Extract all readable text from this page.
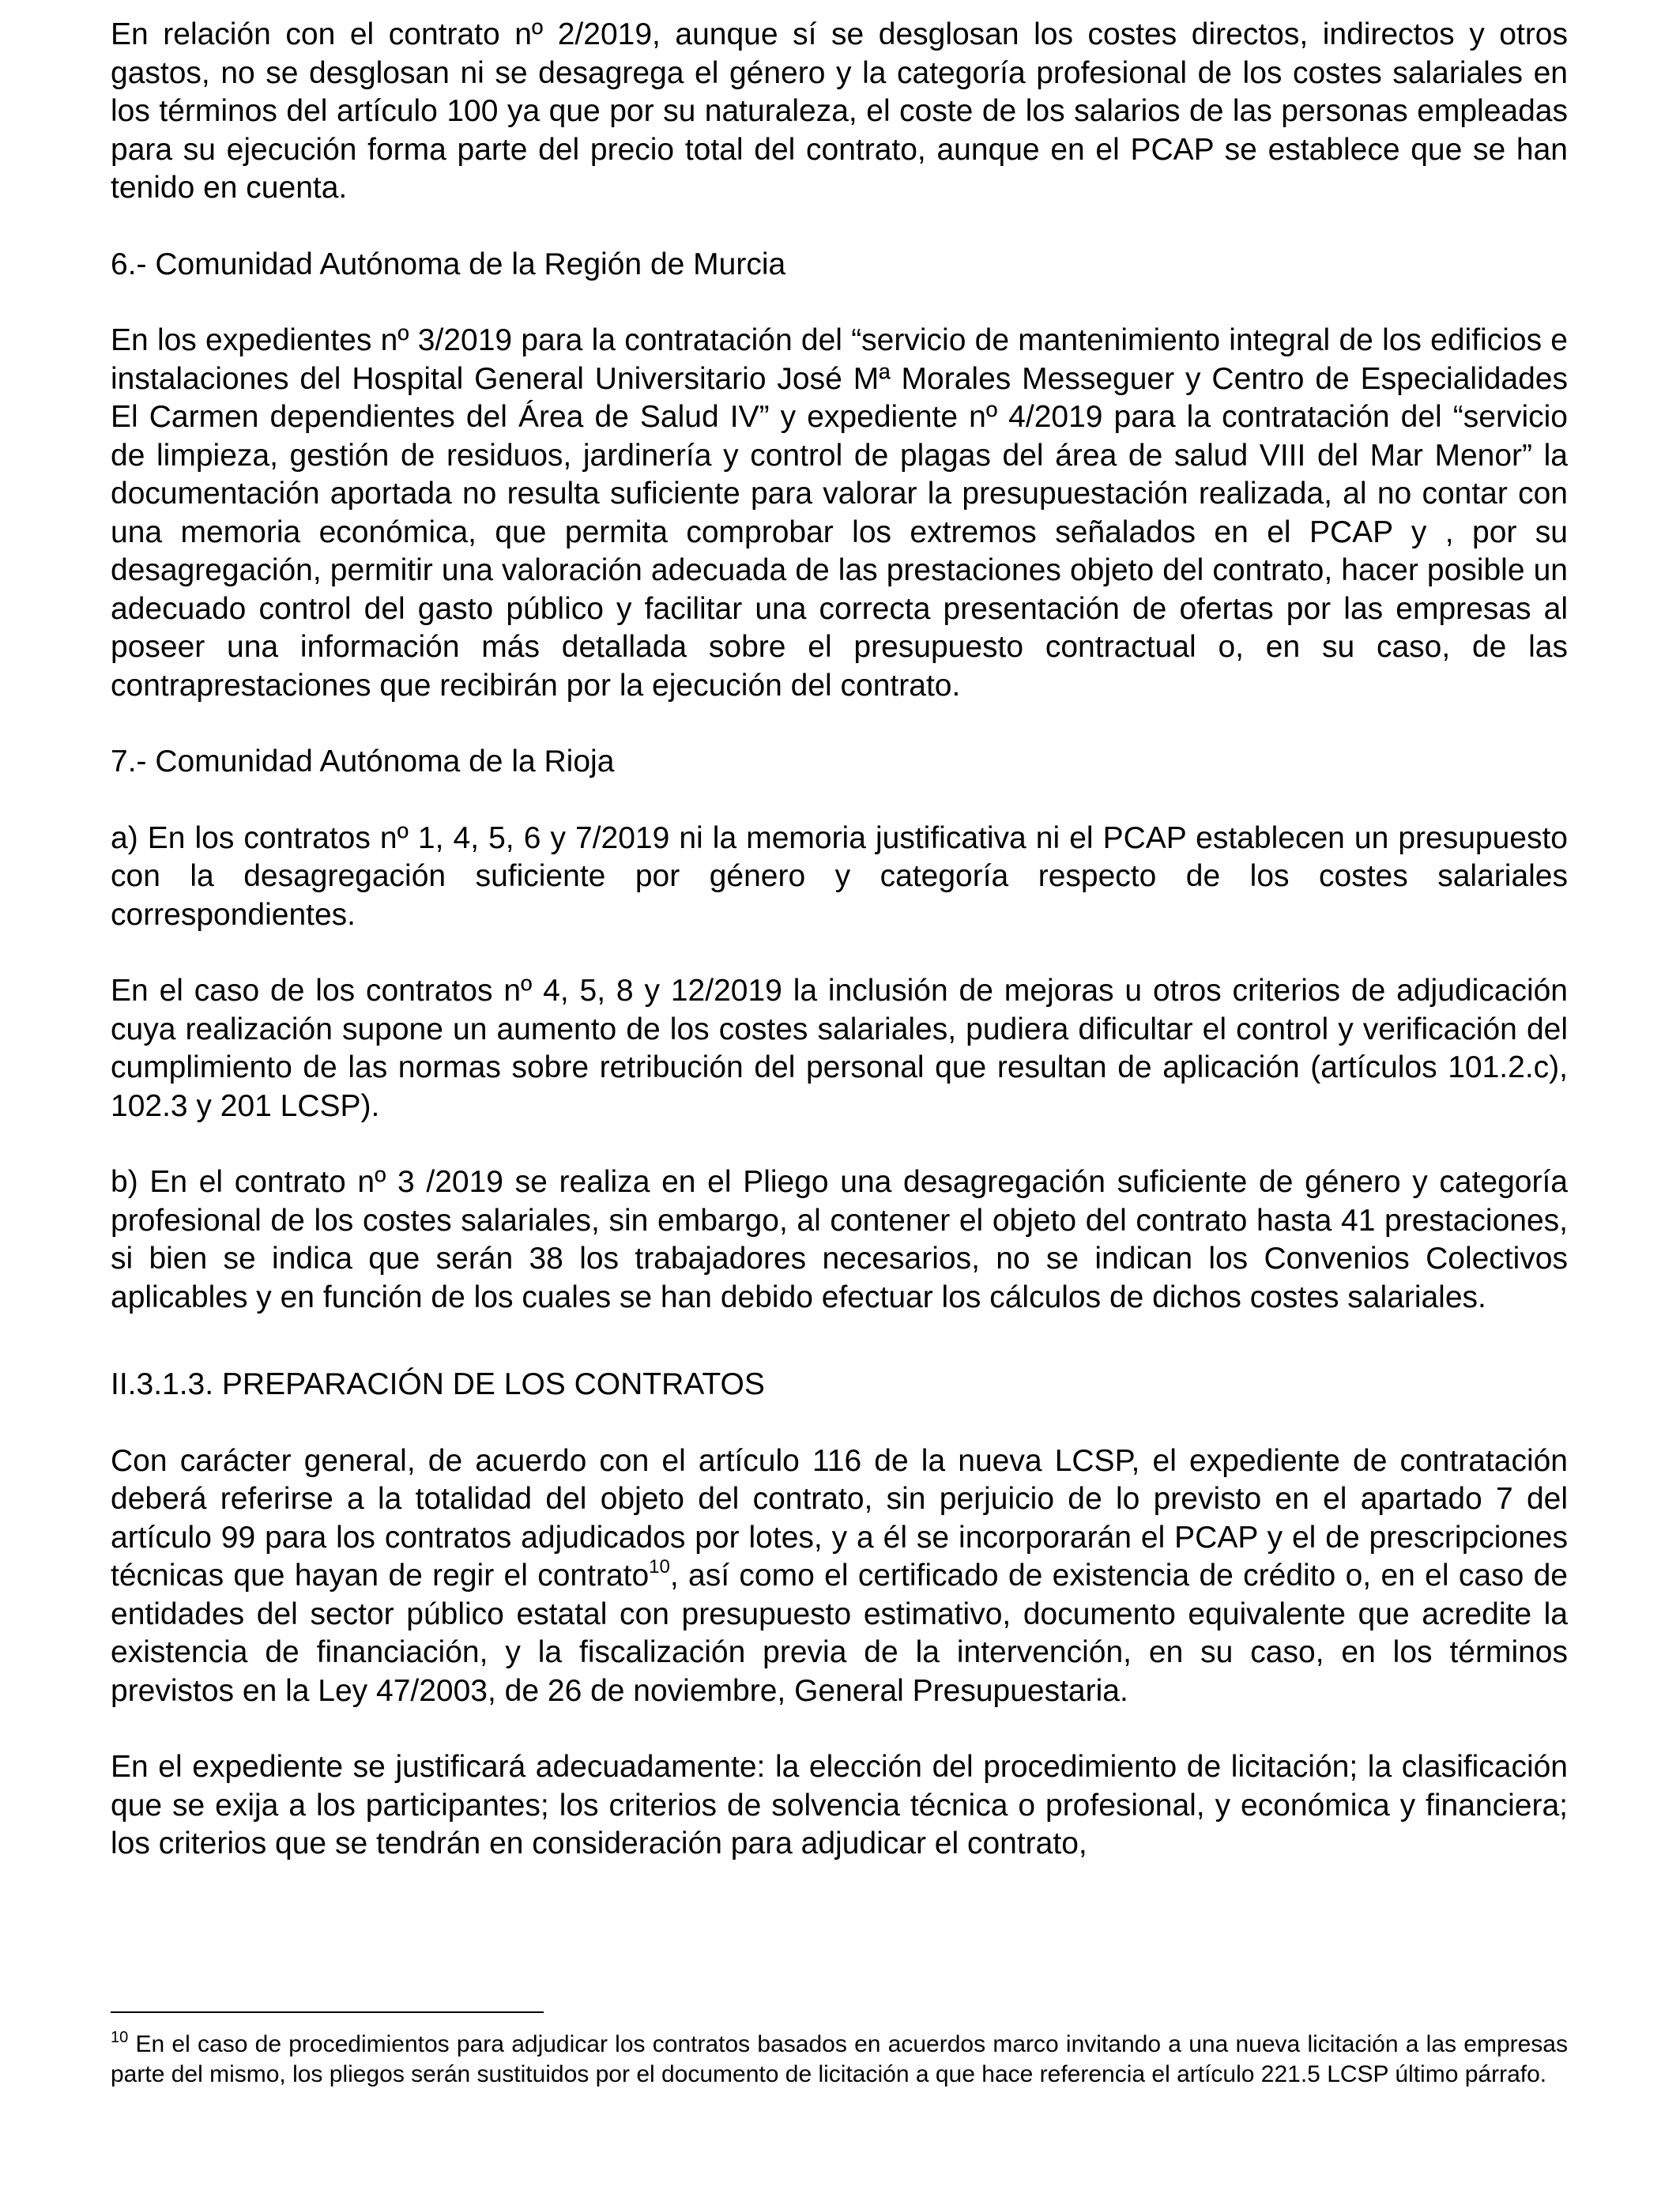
En relación con el contrato nº 2/2019, aunque sí se desglosan los costes directos, indirectos y otros gastos, no se desglosan ni se desagrega el género y la categoría profesional de los costes salariales en los términos del artículo 100 ya que por su naturaleza, el coste de los salarios de las personas empleadas para su ejecución forma parte del precio total del contrato, aunque en el PCAP se establece que se han tenido en cuenta.

6.- Comunidad Autónoma de la Región de Murcia

En los expedientes nº 3/2019 para la contratación del “servicio de mantenimiento integral de los edificios e instalaciones del Hospital General Universitario José Mª Morales Messeguer y Centro de Especialidades El Carmen dependientes del Área de Salud IV” y expediente nº 4/2019 para la contratación del “servicio de limpieza, gestión de residuos, jardinería y control de plagas del área de salud VIII del Mar Menor” la documentación aportada no resulta suficiente para valorar la presupuestación realizada, al no contar con una memoria económica, que permita comprobar los extremos señalados en el PCAP y , por su desagregación, permitir una valoración adecuada de las prestaciones objeto del contrato, hacer posible un adecuado control del gasto público y facilitar una correcta presentación de ofertas por las empresas al poseer una información más detallada sobre el presupuesto contractual o, en su caso, de las contraprestaciones que recibirán por la ejecución del contrato.

7.- Comunidad Autónoma de la Rioja

a) En los contratos nº 1, 4, 5, 6 y 7/2019 ni la memoria justificativa ni el PCAP establecen un presupuesto con la desagregación suficiente por género y categoría respecto de los costes salariales correspondientes.

En el caso de los contratos nº 4, 5, 8 y 12/2019 la inclusión de mejoras u otros criterios de adjudicación cuya realización supone un aumento de los costes salariales, pudiera dificultar el control y verificación del cumplimiento de las normas sobre retribución del personal que resultan de aplicación (artículos 101.2.c), 102.3 y 201 LCSP).

b) En el contrato nº 3 /2019 se realiza en el Pliego una desagregación suficiente de género y categoría profesional de los costes salariales, sin embargo, al contener el objeto del contrato hasta 41 prestaciones, si bien se indica que serán 38 los trabajadores necesarios, no se indican los Convenios Colectivos aplicables y en función de los cuales se han debido efectuar los cálculos de dichos costes salariales.

II.3.1.3. PREPARACIÓN DE LOS CONTRATOS

Con carácter general, de acuerdo con el artículo 116 de la nueva LCSP, el expediente de contratación deberá referirse a la totalidad del objeto del contrato, sin perjuicio de lo previsto en el apartado 7 del artículo 99 para los contratos adjudicados por lotes, y a él se incorporarán el PCAP y el de prescripciones técnicas que hayan de regir el contrato$^{10}$, así como el certificado de existencia de crédito o, en el caso de entidades del sector público estatal con presupuesto estimativo, documento equivalente que acredite la existencia de financiación, y la fiscalización previa de la intervención, en su caso, en los términos previstos en la Ley 47/2003, de 26 de noviembre, General Presupuestaria.

En el expediente se justificará adecuadamente: la elección del procedimiento de licitación; la clasificación que se exija a los participantes; los criterios de solvencia técnica o profesional, y económica y financiera; los criterios que se tendrán en consideración para adjudicar el contrato,

$^{10}$ En el caso de procedimientos para adjudicar los contratos basados en acuerdos marco invitando a una nueva licitación a las empresas parte del mismo, los pliegos serán sustituidos por el documento de licitación a que hace referencia el artículo 221.5 LCSP último párrafo.
